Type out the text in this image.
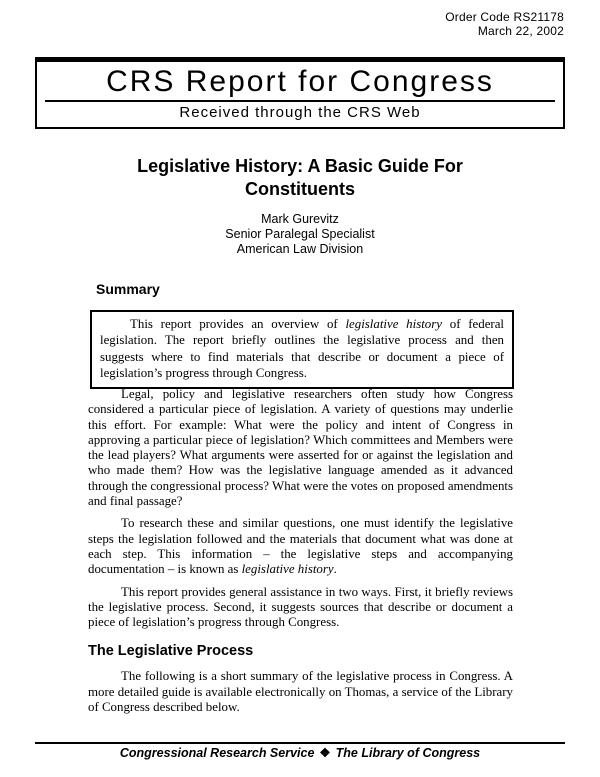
Order Code RS21178
March 22, 2002
CRS Report for Congress
Received through the CRS Web
Legislative History: A Basic Guide For Constituents
Mark Gurevitz
Senior Paralegal Specialist
American Law Division
Summary

This report provides an overview of legislative history of federal legislation. The report briefly outlines the legislative process and then suggests where to find materials that describe or document a piece of legislation’s progress through Congress.

Legal, policy and legislative researchers often study how Congress considered a particular piece of legislation. A variety of questions may underlie this effort. For example: What were the policy and intent of Congress in approving a particular piece of legislation? Which committees and Members were the lead players? What arguments were asserted for or against the legislation and who made them? How was the legislative language amended as it advanced through the congressional process? What were the votes on proposed amendments and final passage?

To research these and similar questions, one must identify the legislative steps the legislation followed and the materials that document what was done at each step. This information – the legislative steps and accompanying documentation – is known as legislative history.

This report provides general assistance in two ways. First, it briefly reviews the legislative process. Second, it suggests sources that describe or document a piece of legislation’s progress through Congress.

The Legislative Process

The following is a short summary of the legislative process in Congress. A more detailed guide is available electronically on Thomas, a service of the Library of Congress described below.

Congressional Research Service ❖ The Library of Congress
